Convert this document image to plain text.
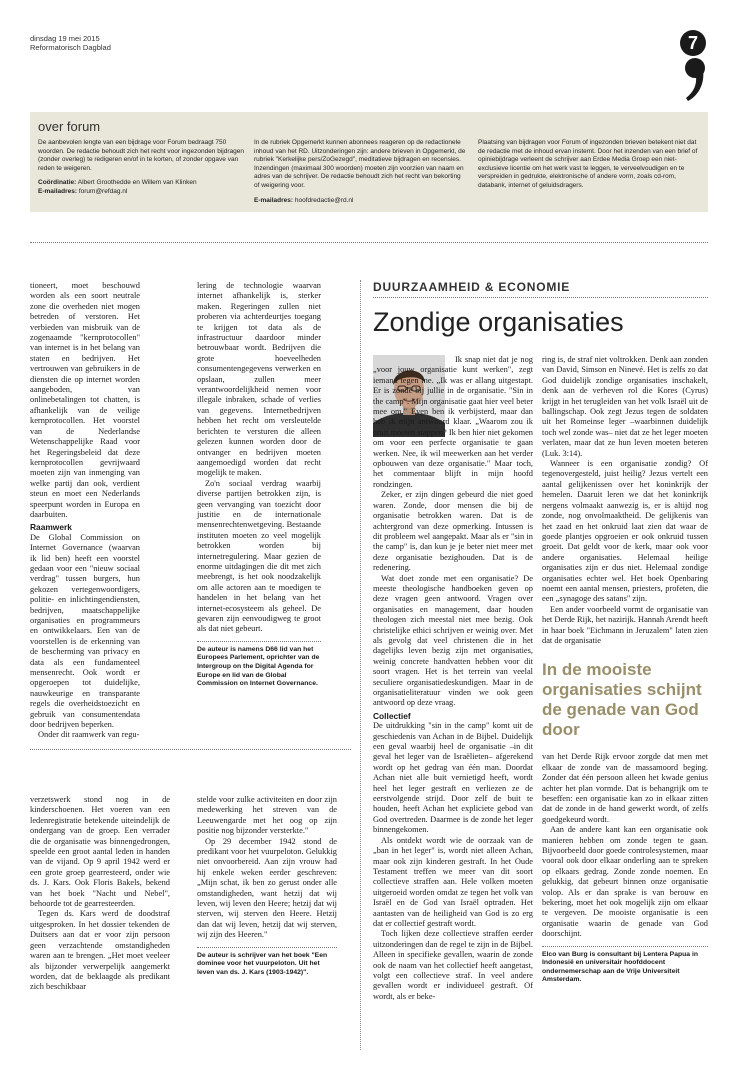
dinsdag 19 mei 2015
Reformatorisch Dagblad	7
over forum

De aanbevolen lengte van een bijdrage voor Forum bedraagt 750 woorden. De redactie behoudt zich het recht voor ingezonden bijdragen (zonder overleg) te redigeren en/of in te korten, of zonder opgave van reden te weigeren.

Coördinatie: Albert Groothedde en Willem van Klinken

E-mailadres: forum@refdag.nl

In de rubriek Opgemerkt kunnen abonnees reageren op de redactionele inhoud van het RD. Uitzonderingen zijn: andere brieven in Opgemerkt, de rubriek "Kerkelijke pers/ZoGezegd", meditatieve bijdragen en recensies. Inzendingen (maximaal 300 woorden) moeten zijn voorzien van naam en adres van de schrijver. De redactie behoudt zich het recht van bekorting of weigering voor.

E-mailadres: hoofdredactie@rd.nl

Plaatsing van bijdragen voor Forum of ingezonden brieven betekent niet dat de redactie met de inhoud ervan instemt. Door het inzenden van een brief of opiniebijdrage verleent de schrijver aan Erdee Media Groep een niet-exclusieve licentie om het werk vast te leggen, te verveelvoudigen en te verspreiden in gedrukte, elektronische of andere vorm, zoals cd-rom, databank, internet of geluidsdragers.

tioneert, moet beschouwd worden als een soort neutrale zone die overheden niet mogen betreden of verstoren. Het verbieden van misbruik van de zogenaamde "kernprotocollen" van internet is in het belang van staten en bedrijven. Het vertrouwen van gebruikers in de diensten die op internet worden aangeboden, van onlinebetalingen tot chatten, is afhankelijk van de veilige kernprotocollen. Het voorstel van de Nederlandse Wetenschappelijke Raad voor het Regeringsbeleid dat deze kernprotocollen gevrijwaard moeten zijn van inmenging van welke partij dan ook, verdient steun en moet een Nederlands speerpunt worden in Europa en daarbuiten.

Raamwerk

De Global Commission on Internet Governance (waarvan ik lid ben) heeft een voorstel gedaan voor een "nieuw sociaal verdrag" tussen burgers, hun gekozen vertegenwoordigers, politie- en inlichtingendiensten, bedrijven, maatschappelijke organisaties en programmeurs en ontwikkelaars. Een van de voorstellen is de erkenning van de bescherming van privacy en data als een fundamenteel mensenrecht. Ook wordt er opgeroepen tot duidelijke, nauwkeurige en transparante regels die overheidstoezicht en gebruik van consumentendata door bedrijven beperken.

Onder dit raamwerk van regu-

lering de technologie waarvan internet afhankelijk is, sterker maken. Regeringen zullen niet proberen via achterdeurtjes toegang te krijgen tot data als de infrastructuur daardoor minder betrouwbaar wordt. Bedrijven die grote hoeveelheden consumentengegevens verwerken en opslaan, zullen meer verantwoordelijkheid nemen voor illegale inbraken, schade of verlies van gegevens. Internetbedrijven hebben het recht om versleutelde berichten te versturen die alleen gelezen kunnen worden door de ontvanger en bedrijven moeten aangemoedigd worden dat recht mogelijk te maken.

Zo'n sociaal verdrag waarbij diverse partijen betrokken zijn, is geen vervanging van toezicht door justitie en de internationale mensenrechtenwetgeving. Bestaande instituten moeten zo veel mogelijk betrokken worden bij internetregulering. Maar gezien de enorme uitdagingen die dit met zich meebrengt, is het ook noodzakelijk om alle actoren aan te moedigen te handelen in het belang van het internet-ecosysteem als geheel. De gevaren zijn eenvoudigweg te groot als dat niet gebeurt.

De auteur is namens D66 lid van het Europees Parlement, oprichter van de Intergroup on the Digital Agenda for Europe en lid van de Global Commission on Internet Governance.

verzetswerk stond nog in de kinderschoenen. Het voeren van een ledenregistratie betekende uiteindelijk de ondergang van de groep. Een verrader die de organisatie was binnengedrongen, speelde een groot aantal leden in handen van de vijand. Op 9 april 1942 werd er een grote groep gearresteerd, onder wie ds. J. Kars. Ook Floris Bakels, bekend van het boek "Nacht und Nebel", behoorde tot de gearresteerden.

Tegen ds. Kars werd de doodstraf uitgesproken. In het dossier tekenden de Duitsers aan dat er voor zijn persoon geen verzachtende omstandigheden waren aan te brengen. „Het moet veeleer als bijzonder verwerpelijk aangemerkt worden, dat de beklaagde als predikant zich beschikbaar

stelde voor zulke activiteiten en door zijn medewerking het streven van de Leeuwengarde met het oog op zijn positie nog bijzonder versterkte."

Op 29 december 1942 stond de predikant voor het vuurpeloton. Gelukkig niet onvoorbereid. Aan zijn vrouw had hij enkele weken eerder geschreven: „Mijn schat, ik ben zo gerust onder alle omstandigheden, want hetzij dat wij leven, wij leven den Heere; hetzij dat wij sterven, wij sterven den Heere. Hetzij dan dat wij leven, hetzij dat wij sterven, wij zijn des Heeren."

De auteur is schrijver van het boek "Een dominee voor het vuurpeloton. Uit het leven van ds. J. Kars (1903-1942)".
DUURZAAMHEID & ECONOMIE
Zondige organisaties

Ik snap niet dat je nog „voor jouw organisatie kunt werken", zegt iemand tegen me. „Ik was er allang uitgestapt. Er is zonde bij jullie in de organisatie. "Sin in the camp". Mijn organisatie gaat hier veel beter mee om." Even ben ik verbijsterd, maar dan heb ik mijn antwoord klaar. „Waarom zou ik eruit moeten stappen? Ik ben hier niet gekomen om voor een perfecte organisatie te gaan werken. Nee, ik wil meewerken aan het verder opbouwen van deze organisatie." Maar toch, het commentaar blijft in mijn hoofd rondzingen.

Zeker, er zijn dingen gebeurd die niet goed waren. Zonde, door mensen die bij de organisatie betrokken waren. Dat is de achtergrond van deze opmerking. Intussen is dit probleem wel aangepakt. Maar als er "sin in the camp" is, dan kun je je beter niet meer met deze organisatie bezighouden. Dat is de redenering.

Wat doet zonde met een organisatie? De meeste theologische handboeken geven op deze vragen geen antwoord. Vragen over organisaties en management, daar houden theologen zich meestal niet mee bezig. Ook christelijke ethici schrijven er weinig over. Met als gevolg dat veel christenen die in het dagelijks leven bezig zijn met organisaties, weinig concrete handvatten hebben voor dit soort vragen. Het is het terrein van veelal seculiere organisatiedeskundigen. Maar in de organisatieliteratuur vinden we ook geen antwoord op deze vraag.

Collectief

De uitdrukking "sin in the camp" komt uit de geschiedenis van Achan in de Bijbel. Duidelijk een geval waarbij heel de organisatie –in dit geval het leger van de Israëlieten– afgerekend wordt op het gedrag van één man. Doordat Achan niet alle buit vernietigd heeft, wordt heel het leger gestraft en verliezen ze de eerstvolgende strijd. Door zelf de buit te houden, heeft Achan het expliciete gebod van God overtreden. Daarmee is de zonde het leger binnengekomen.

Als ontdekt wordt wie de oorzaak van de „ban in het leger" is, wordt niet alleen Achan, maar ook zijn kinderen gestraft. In het Oude Testament treffen we meer van dit soort collectieve straffen aan. Hele volken moeten uitgeroeid worden omdat ze tegen het volk van Israël en de God van Israël optraden. Het aantasten van de heiligheid van God is zo erg dat er collectief gestraft wordt.

Toch lijken deze collectieve straffen eerder uitzonderingen dan de regel te zijn in de Bijbel. Alleen in specifieke gevallen, waarin de zonde ook de naam van het collectief heeft aangetast, volgt een collectieve straf. In veel andere gevallen wordt er individueel gestraft. Of wordt, als er beke-

ring is, de straf niet voltrokken. Denk aan zonden van David, Simson en Ninevé. Het is zelfs zo dat God duidelijk zondige organisaties inschakelt, denk aan de verheven rol die Kores (Cyrus) krijgt in het terugleiden van het volk Israël uit de ballingschap. Ook zegt Jezus tegen de soldaten uit het Romeinse leger –waarbinnen duidelijk toch wel zonde was– niet dat ze het leger moeten verlaten, maar dat ze hun leven moeten beteren (Luk. 3:14).

Wanneer is een organisatie zondig? Of tegenovergesteld, juist heilig? Jezus vertelt een aantal gelijkenissen over het koninkrijk der hemelen. Daaruit leren we dat het koninkrijk nergens volmaakt aanwezig is, er is altijd nog zonde, nog onvolmaaktheid. De gelijkenis van het zaad en het onkruid laat zien dat waar de goede plantjes opgroeien er ook onkruid tussen groeit. Dat geldt voor de kerk, maar ook voor andere organisaties. Helemaal heilige organisaties zijn er dus niet. Helemaal zondige organisaties echter wel. Het boek Openbaring noemt een aantal mensen, priesters, profeten, die een „synagoge des satans" zijn.

Een ander voorbeeld vormt de organisatie van het Derde Rijk, het nazirijk. Hannah Arendt heeft in haar boek "Eichmann in Jeruzalem" laten zien dat de organisatie

In de mooiste organisaties schijnt de genade van God door

van het Derde Rijk ervoor zorgde dat men met elkaar de zonde van de massamoord beging. Zonder dat één persoon alleen het kwade genius achter het plan vormde. Dat is behangrijk om te beseffen: een organisatie kan zo in elkaar zitten dat de zonde in de hand gewerkt wordt, of zelfs goedgekeurd wordt.

Aan de andere kant kan een organisatie ook manieren hebben om zonde tegen te gaan. Bijvoorbeeld door goede controlesystemen, maar vooral ook door elkaar onderling aan te spreken op elkaars gedrag. Zonde zonde noemen. En gelukkig, dat gebeurt binnen onze organisatie volop. Als er dan sprake is van berouw en bekering, moet het ook mogelijk zijn om elkaar te vergeven. De mooiste organisatie is een organisatie waarin de genade van God doorschijnt.

Elco van Burg is consultant bij Lentera Papua in Indonesië en universitair hoofddocent ondernemerschap aan de Vrije Universiteit Amsterdam.
